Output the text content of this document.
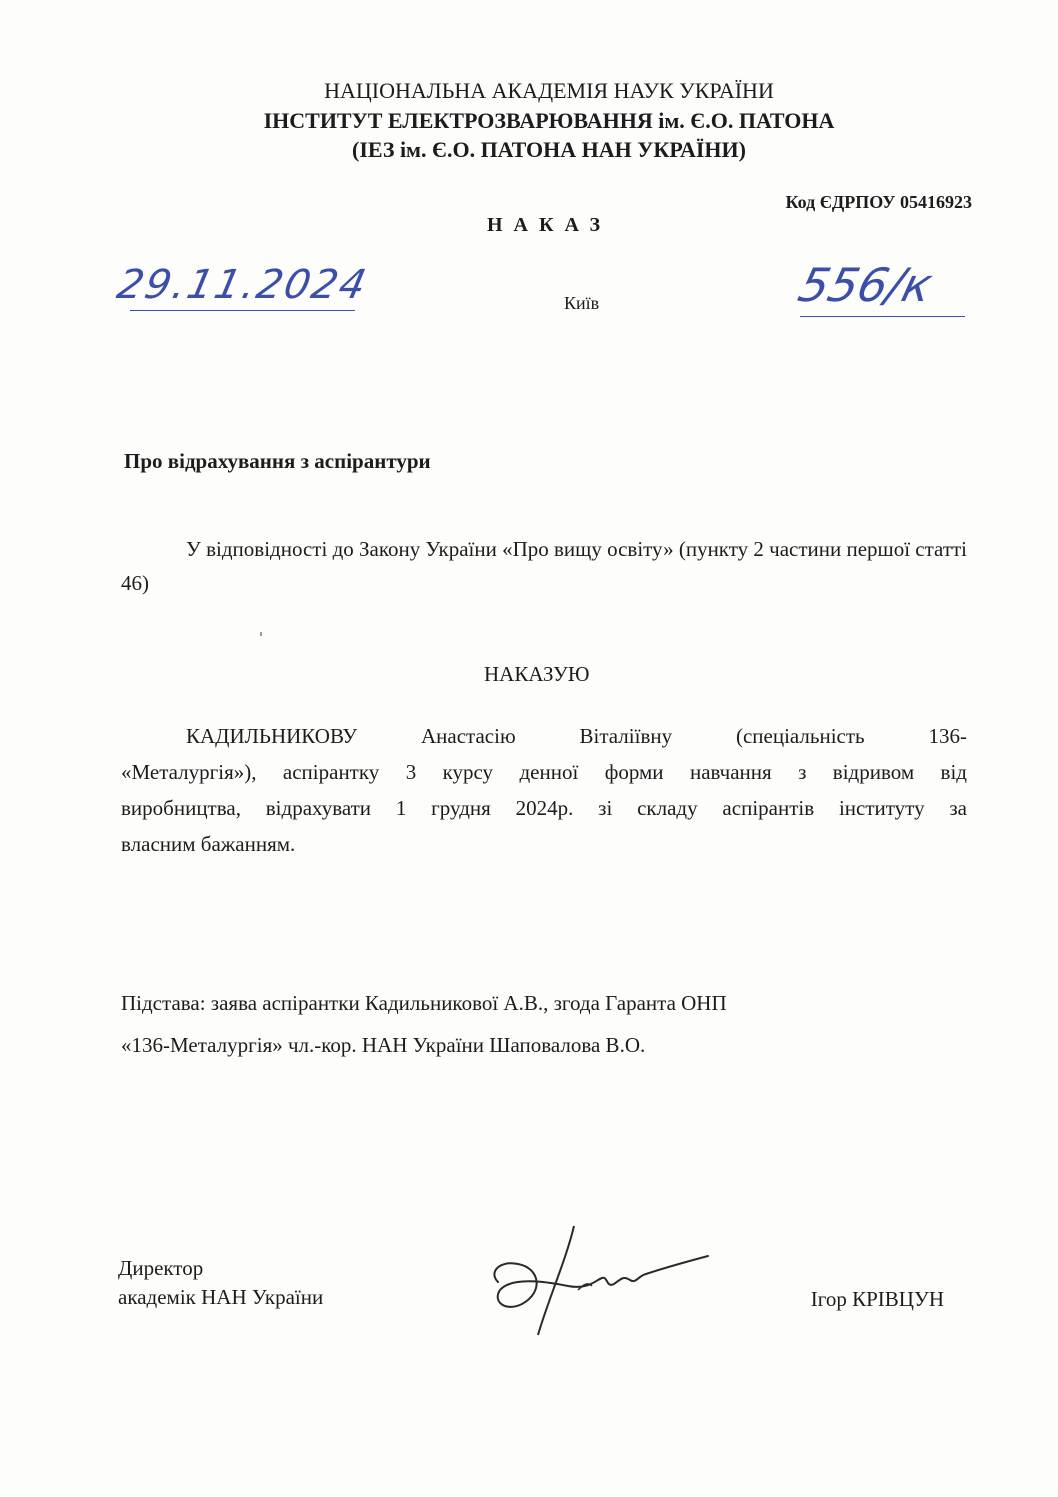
НАЦІОНАЛЬНА АКАДЕМІЯ НАУК УКРАЇНИ
ІНСТИТУТ ЕЛЕКТРОЗВАРЮВАННЯ ім. Є.О. ПАТОНА
(ІЕЗ ім. Є.О. ПАТОНА НАН УКРАЇНИ)
Код ЄДРПОУ 05416923
НАКАЗ
29.11.2024	Київ	556/к
Про відрахування з аспірантури
У відповідності до Закону України «Про вищу освіту» (пункту 2 частини першої статті 46)
НАКАЗУЮ
КАДИЛЬНИКОВУ Анастасію Віталіївну (спеціальність 136-
«Металургія»), аспірантку 3 курсу денної форми навчання з відривом від
виробництва, відрахувати 1 грудня 2024р. зі складу аспірантів інституту за
власним бажанням.
Підстава: заява аспірантки Кадильникової А.В., згода Гаранта ОНП
«136-Металургія» чл.-кор. НАН України Шаповалова В.О.
Директор
академік НАН України	Ігор КРІВЦУН
